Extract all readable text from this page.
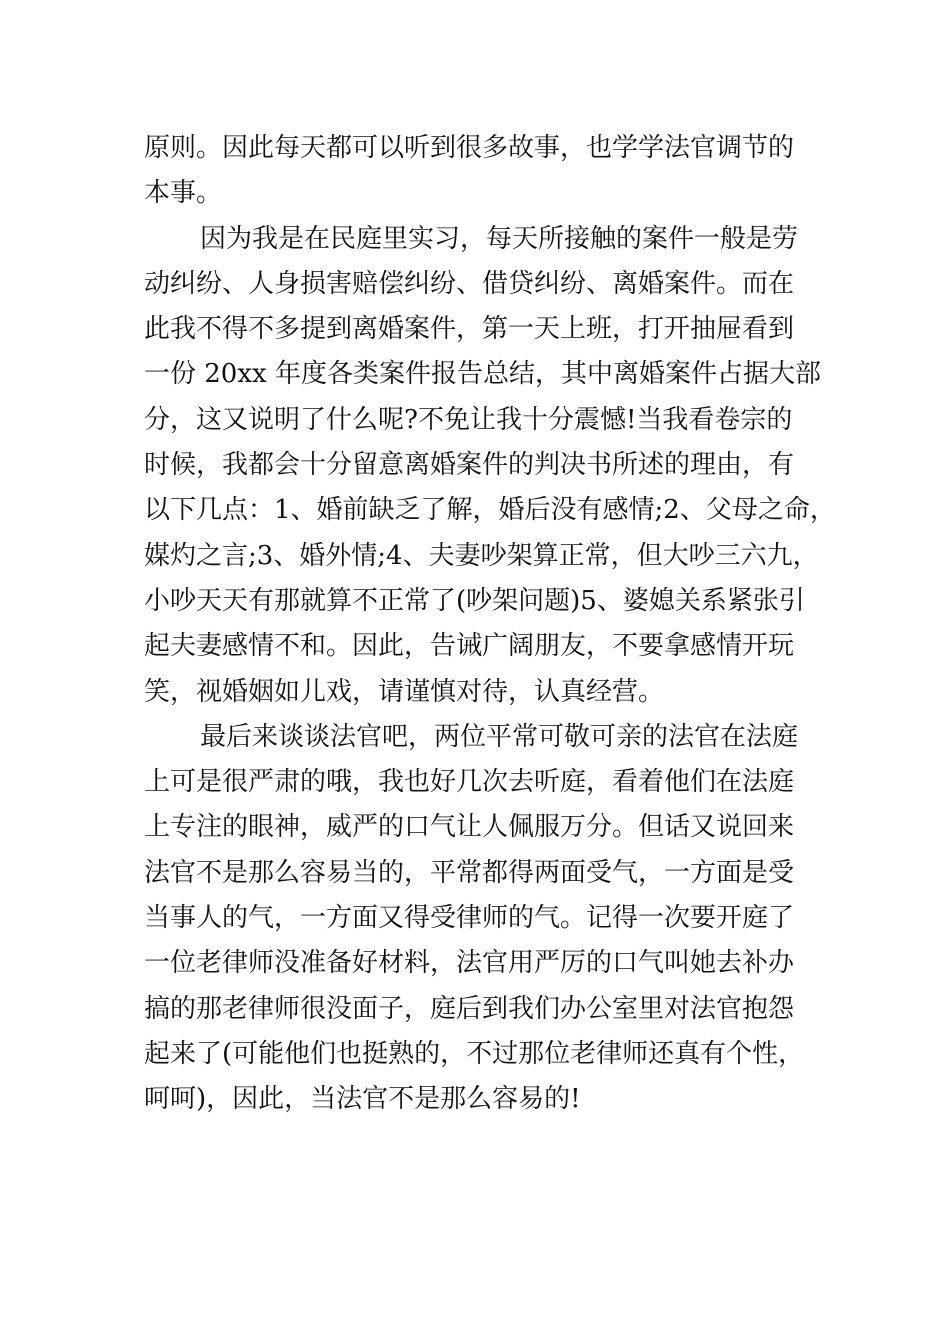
原则。因此每天都可以听到很多故事，也学学法官调节的
本事。
因为我是在民庭里实习，每天所接触的案件一般是劳
动纠纷、人身损害赔偿纠纷、借贷纠纷、离婚案件。而在
此我不得不多提到离婚案件，第一天上班，打开抽屉看到
一份 20xx 年度各类案件报告总结，其中离婚案件占据大部
分，这又说明了什么呢?不免让我十分震憾!当我看卷宗的
时候，我都会十分留意离婚案件的判决书所述的理由，有
以下几点：1、婚前缺乏了解，婚后没有感情;2、父母之命，
媒灼之言;3、婚外情;4、夫妻吵架算正常，但大吵三六九，
小吵天天有那就算不正常了(吵架问题)5、婆媳关系紧张引
起夫妻感情不和。因此，告诫广阔朋友，不要拿感情开玩
笑，视婚姻如儿戏，请谨慎对待，认真经营。
最后来谈谈法官吧，两位平常可敬可亲的法官在法庭
上可是很严肃的哦，我也好几次去听庭，看着他们在法庭
上专注的眼神，威严的口气让人佩服万分。但话又说回来
法官不是那么容易当的，平常都得两面受气，一方面是受
当事人的气，一方面又得受律师的气。记得一次要开庭了
一位老律师没准备好材料，法官用严厉的口气叫她去补办
搞的那老律师很没面子，庭后到我们办公室里对法官抱怨
起来了(可能他们也挺熟的，不过那位老律师还真有个性，
呵呵)，因此，当法官不是那么容易的!
